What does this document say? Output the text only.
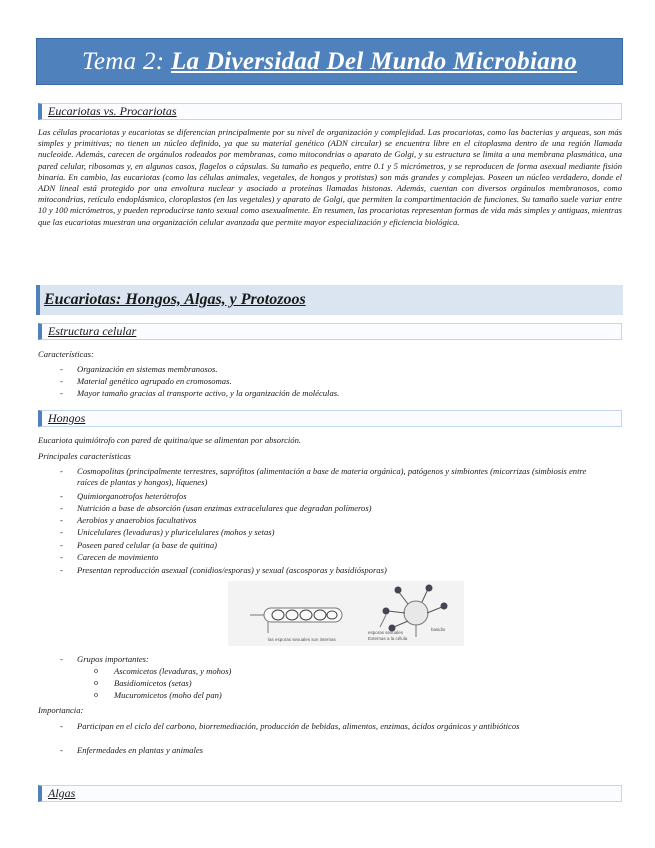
Tema 2: La Diversidad Del Mundo Microbiano
Eucariotas vs. Procariotas
Las células procariotas y eucariotas se diferencian principalmente por su nivel de organización y complejidad. Las procariotas, como las bacterias y arqueas, son más simples y primitivas; no tienen un núcleo definido, ya que su material genético (ADN circular) se encuentra libre en el citoplasma dentro de una región llamada nucleoide. Además, carecen de orgánulos rodeados por membranas, como mitocondrias o aparato de Golgi, y su estructura se limita a una membrana plasmática, una pared celular, ribosomas y, en algunos casos, flagelos o cápsulas. Su tamaño es pequeño, entre 0.1 y 5 micrómetros, y se reproducen de forma asexual mediante fisión binaria. En cambio, las eucariotas (como las células animales, vegetales, de hongos y protistas) son más grandes y complejas. Poseen un núcleo verdadero, donde el ADN lineal está protegido por una envoltura nuclear y asociado a proteínas llamadas histonas. Además, cuentan con diversos orgánulos membranosos, como mitocondrias, retículo endoplásmico, cloroplastos (en las vegetales) y aparato de Golgi, que permiten la compartimentación de funciones. Su tamaño suele variar entre 10 y 100 micrómetros, y pueden reproducirse tanto sexual como asexualmente. En resumen, las procariotas representan formas de vida más simples y antiguas, mientras que las eucariotas muestran una organización celular avanzada que permite mayor especialización y eficiencia biológica.
Eucariotas: Hongos, Algas, y Protozoos
Estructura celular
Características:
- Organización en sistemas membranosos.
- Material genético agrupado en cromosomas.
- Mayor tamaño gracias al transporte activo, y la organización de moléculas.
Hongos
Eucariota quimiótrofo con pared de quitina/que se alimentan por absorción.
Principales características
- Cosmopolitas (principalmente terrestres, saprófitos (alimentación a base de materia orgánica), patógenos y simbiontes (micorrizas (simbiosis entre raíces de plantas y hongos), líquenes)
- Quimiorganotrofos heterótrofos
- Nutrición a base de absorción (usan enzimas extracelulares que degradan polímeros)
- Aerobios y anaerobios facultativos
- Unicelulares (levaduras) y pluricelulares (mohos y setas)
- Poseen pared celular (a base de quitina)
- Carecen de movimiento
- Presentan reproducción asexual (conidios/esporas) y sexual (ascosporas y basidiósporas)
las esporas sexuales son internas
esporas sexuales
Externas a la célula
basidio
- Grupos importantes:
o Ascomicetos (levaduras, y mohos)
o Basidiomicetos (setas)
o Mucuromicetos (moho del pan)
Importancia:
- Participan en el ciclo del carbono, biorremediación, producción de bebidas, alimentos, enzimas, ácidos orgánicos y antibióticos
- Enfermedades en plantas y animales
Algas
